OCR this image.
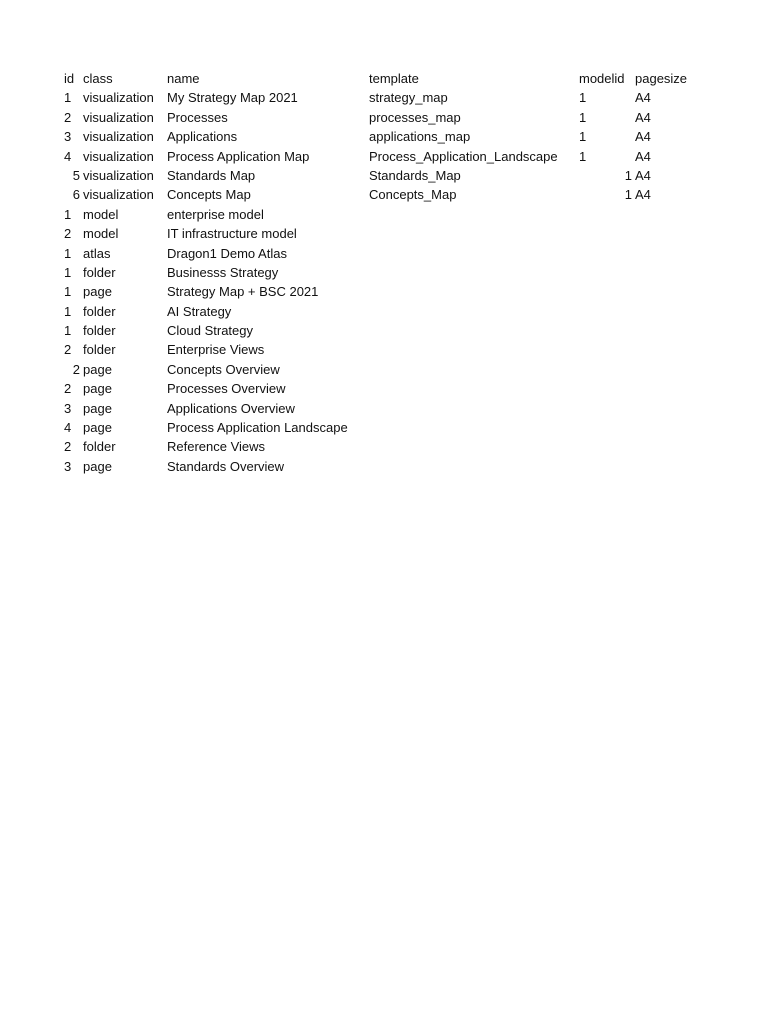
id class	name	template	modelid pagesize
1 visualization My Strategy Map 2021	strategy_map	1	A4
2 visualization Processes	processes_map	1	A4
3 visualization Applications	applications_map	1	A4
4 visualization Process Application Map	Process_Application_Landscape 1	A4
5 visualization Standards Map	Standards_Map	1 A4
6 visualization Concepts Map	Concepts_Map	1 A4
1 model	enterprise model
2 model	IT infrastructure model
1 atlas	Dragon1 Demo Atlas
1 folder	Businesss Strategy
1 page	Strategy Map + BSC 2021
1 folder	AI Strategy
1 folder	Cloud Strategy
2 folder	Enterprise Views
2 page	Concepts Overview
2 page	Processes Overview
3 page	Applications Overview
4 page	Process Application Landscape
2 folder	Reference Views
3 page	Standards Overview
